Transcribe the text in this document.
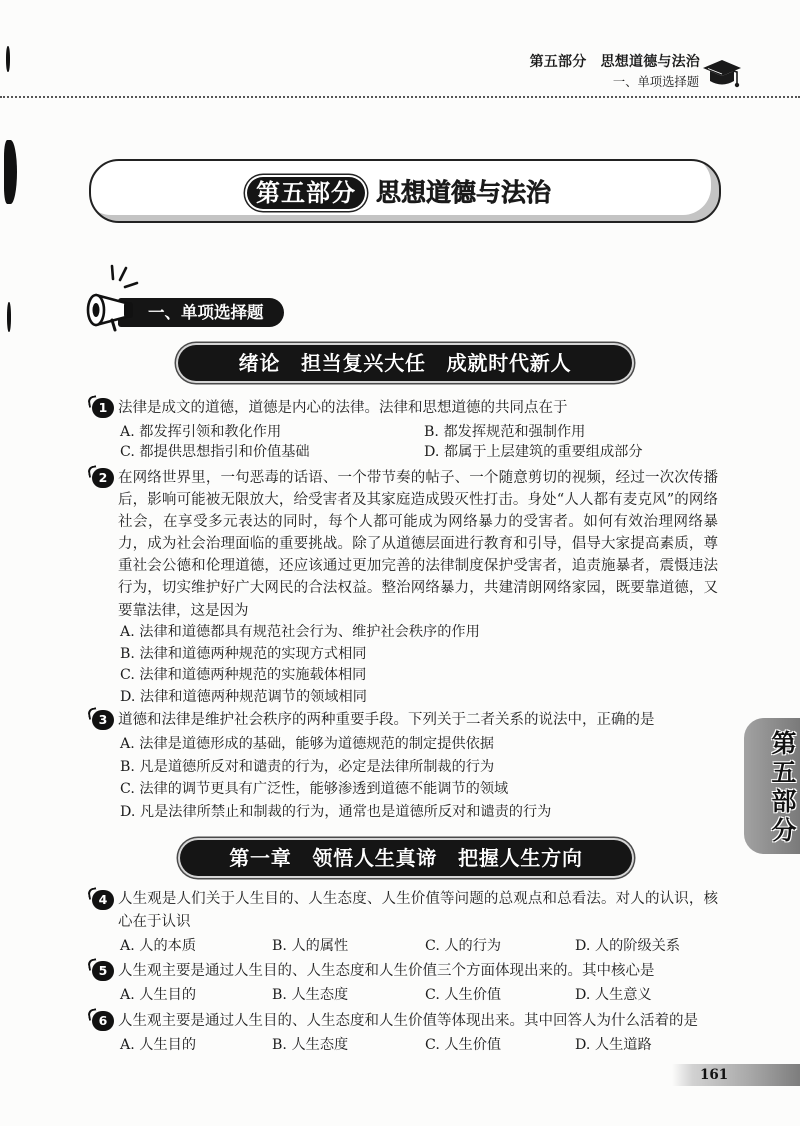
第五部分　思想道德与法治
一、单项选择题
第五部分 思想道德与法治
一、单项选择题
绪论　担当复兴大任　成就时代新人
1 法律是成文的道德，道德是内心的法律。法律和思想道德的共同点在于

A. 都发挥引领和教化作用	B. 都发挥规范和强制作用
C. 都提供思想指引和价值基础	D. 都属于上层建筑的重要组成部分
2 在网络世界里，一句恶毒的话语、一个带节奏的帖子、一个随意剪切的视频，经过一次次传播后，影响可能被无限放大，给受害者及其家庭造成毁灭性打击。身处“人人都有麦克风”的网络社会，在享受多元表达的同时，每个人都可能成为网络暴力的受害者。如何有效治理网络暴力，成为社会治理面临的重要挑战。除了从道德层面进行教育和引导，倡导大家提高素质，尊重社会公德和伦理道德，还应该通过更加完善的法律制度保护受害者，追责施暴者，震慑违法行为，切实维护好广大网民的合法权益。整治网络暴力，共建清朗网络家园，既要靠道德，又要靠法律，这是因为

A. 法律和道德都具有规范社会行为、维护社会秩序的作用
B. 法律和道德两种规范的实现方式相同
C. 法律和道德两种规范的实施载体相同
D. 法律和道德两种规范调节的领域相同
3 道德和法律是维护社会秩序的两种重要手段。下列关于二者关系的说法中，正确的是

A. 法律是道德形成的基础，能够为道德规范的制定提供依据
B. 凡是道德所反对和谴责的行为，必定是法律所制裁的行为
C. 法律的调节更具有广泛性，能够渗透到道德不能调节的领域
D. 凡是法律所禁止和制裁的行为，通常也是道德所反对和谴责的行为	第五部分
第一章　领悟人生真谛　把握人生方向
4 人生观是人们关于人生目的、人生态度、人生价值等问题的总观点和总看法。对人的认识，核心在于认识

A. 人的本质	B. 人的属性	C. 人的行为	D. 人的阶级关系
5 人生观主要是通过人生目的、人生态度和人生价值三个方面体现出来的。其中核心是

A. 人生目的	B. 人生态度	C. 人生价值	D. 人生意义
6 人生观主要是通过人生目的、人生态度和人生价值等体现出来。其中回答人为什么活着的是

A. 人生目的	B. 人生态度	C. 人生价值	D. 人生道路
161
